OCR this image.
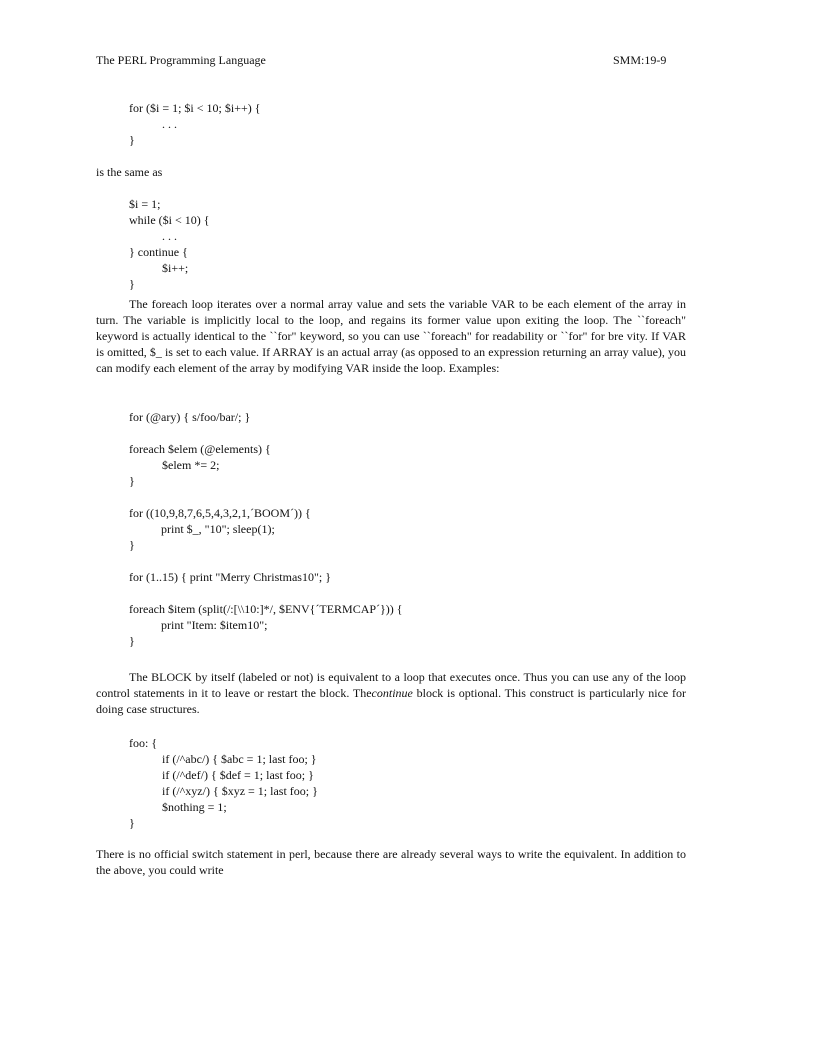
The PERL Programming Language	SMM:19-9
for ($i = 1; $i < 10; $i++) {
. . .
}
is the same as
$i = 1;
while ($i < 10) {
. . .
} continue {
$i++;
}

The foreach loop iterates over a normal array value and sets the variable VAR to be each element of the array in turn. The variable is implicitly local to the loop, and regains its former value upon exiting the loop. The ``foreach" keyword is actually identical to the ``for" keyword, so you can use ``foreach" for readability or ``for" for bre vity. If VAR is omitted, $_ is set to each value. If ARRAY is an actual array (as opposed to an expression returning an array value), you can modify each element of the array by modifying VAR inside the loop. Examples:

for (@ary) { s/foo/bar/; }
foreach $elem (@elements) {
$elem *= 2;
}
for ((10,9,8,7,6,5,4,3,2,1,´BOOM´)) {
print $_, "10"; sleep(1);
}
for (1..15) { print "Merry Christmas10"; }
foreach $item (split(/:[\\10:]*/, $ENV{´TERMCAP´})) {
print "Item: $item10";
}

The BLOCK by itself (labeled or not) is equivalent to a loop that executes once. Thus you can use any of the loop control statements in it to leave or restart the block. Thecontinue block is optional. This construct is particularly nice for doing case structures.

foo: {
if (/^abc/) { $abc = 1; last foo; }
if (/^def/) { $def = 1; last foo; }
if (/^xyz/) { $xyz = 1; last foo; }
$nothing = 1;
}

There is no official switch statement in perl, because there are already several ways to write the equivalent. In addition to the above, you could write
